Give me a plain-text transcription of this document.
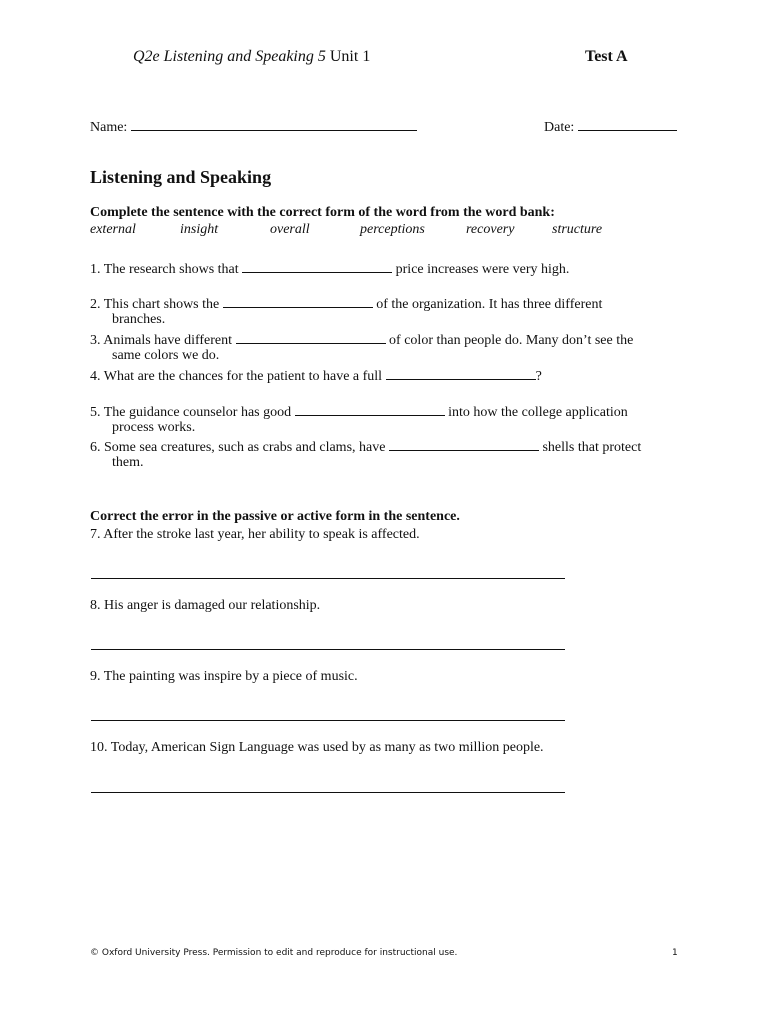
Q2e Listening and Speaking 5 Unit 1	Test A
Name:	Date:
Listening and Speaking
Complete the sentence with the correct form of the word from the word bank:
external	insight	overall	perceptions	recovery	structure
1. The research shows that	price increases were very high.
2. This chart shows the	of the organization. It has three different
branches.
3. Animals have different	of color than people do. Many don’t see the
same colors we do.
4. What are the chances for the patient to have a full	?
5. The guidance counselor has good	into how the college application
process works.
6. Some sea creatures, such as crabs and clams, have	shells that protect
them.
Correct the error in the passive or active form in the sentence.
7. After the stroke last year, her ability to speak is affected.
8. His anger is damaged our relationship.
9. The painting was inspire by a piece of music.
10. Today, American Sign Language was used by as many as two million people.
© Oxford University Press. Permission to edit and reproduce for instructional use.	1
